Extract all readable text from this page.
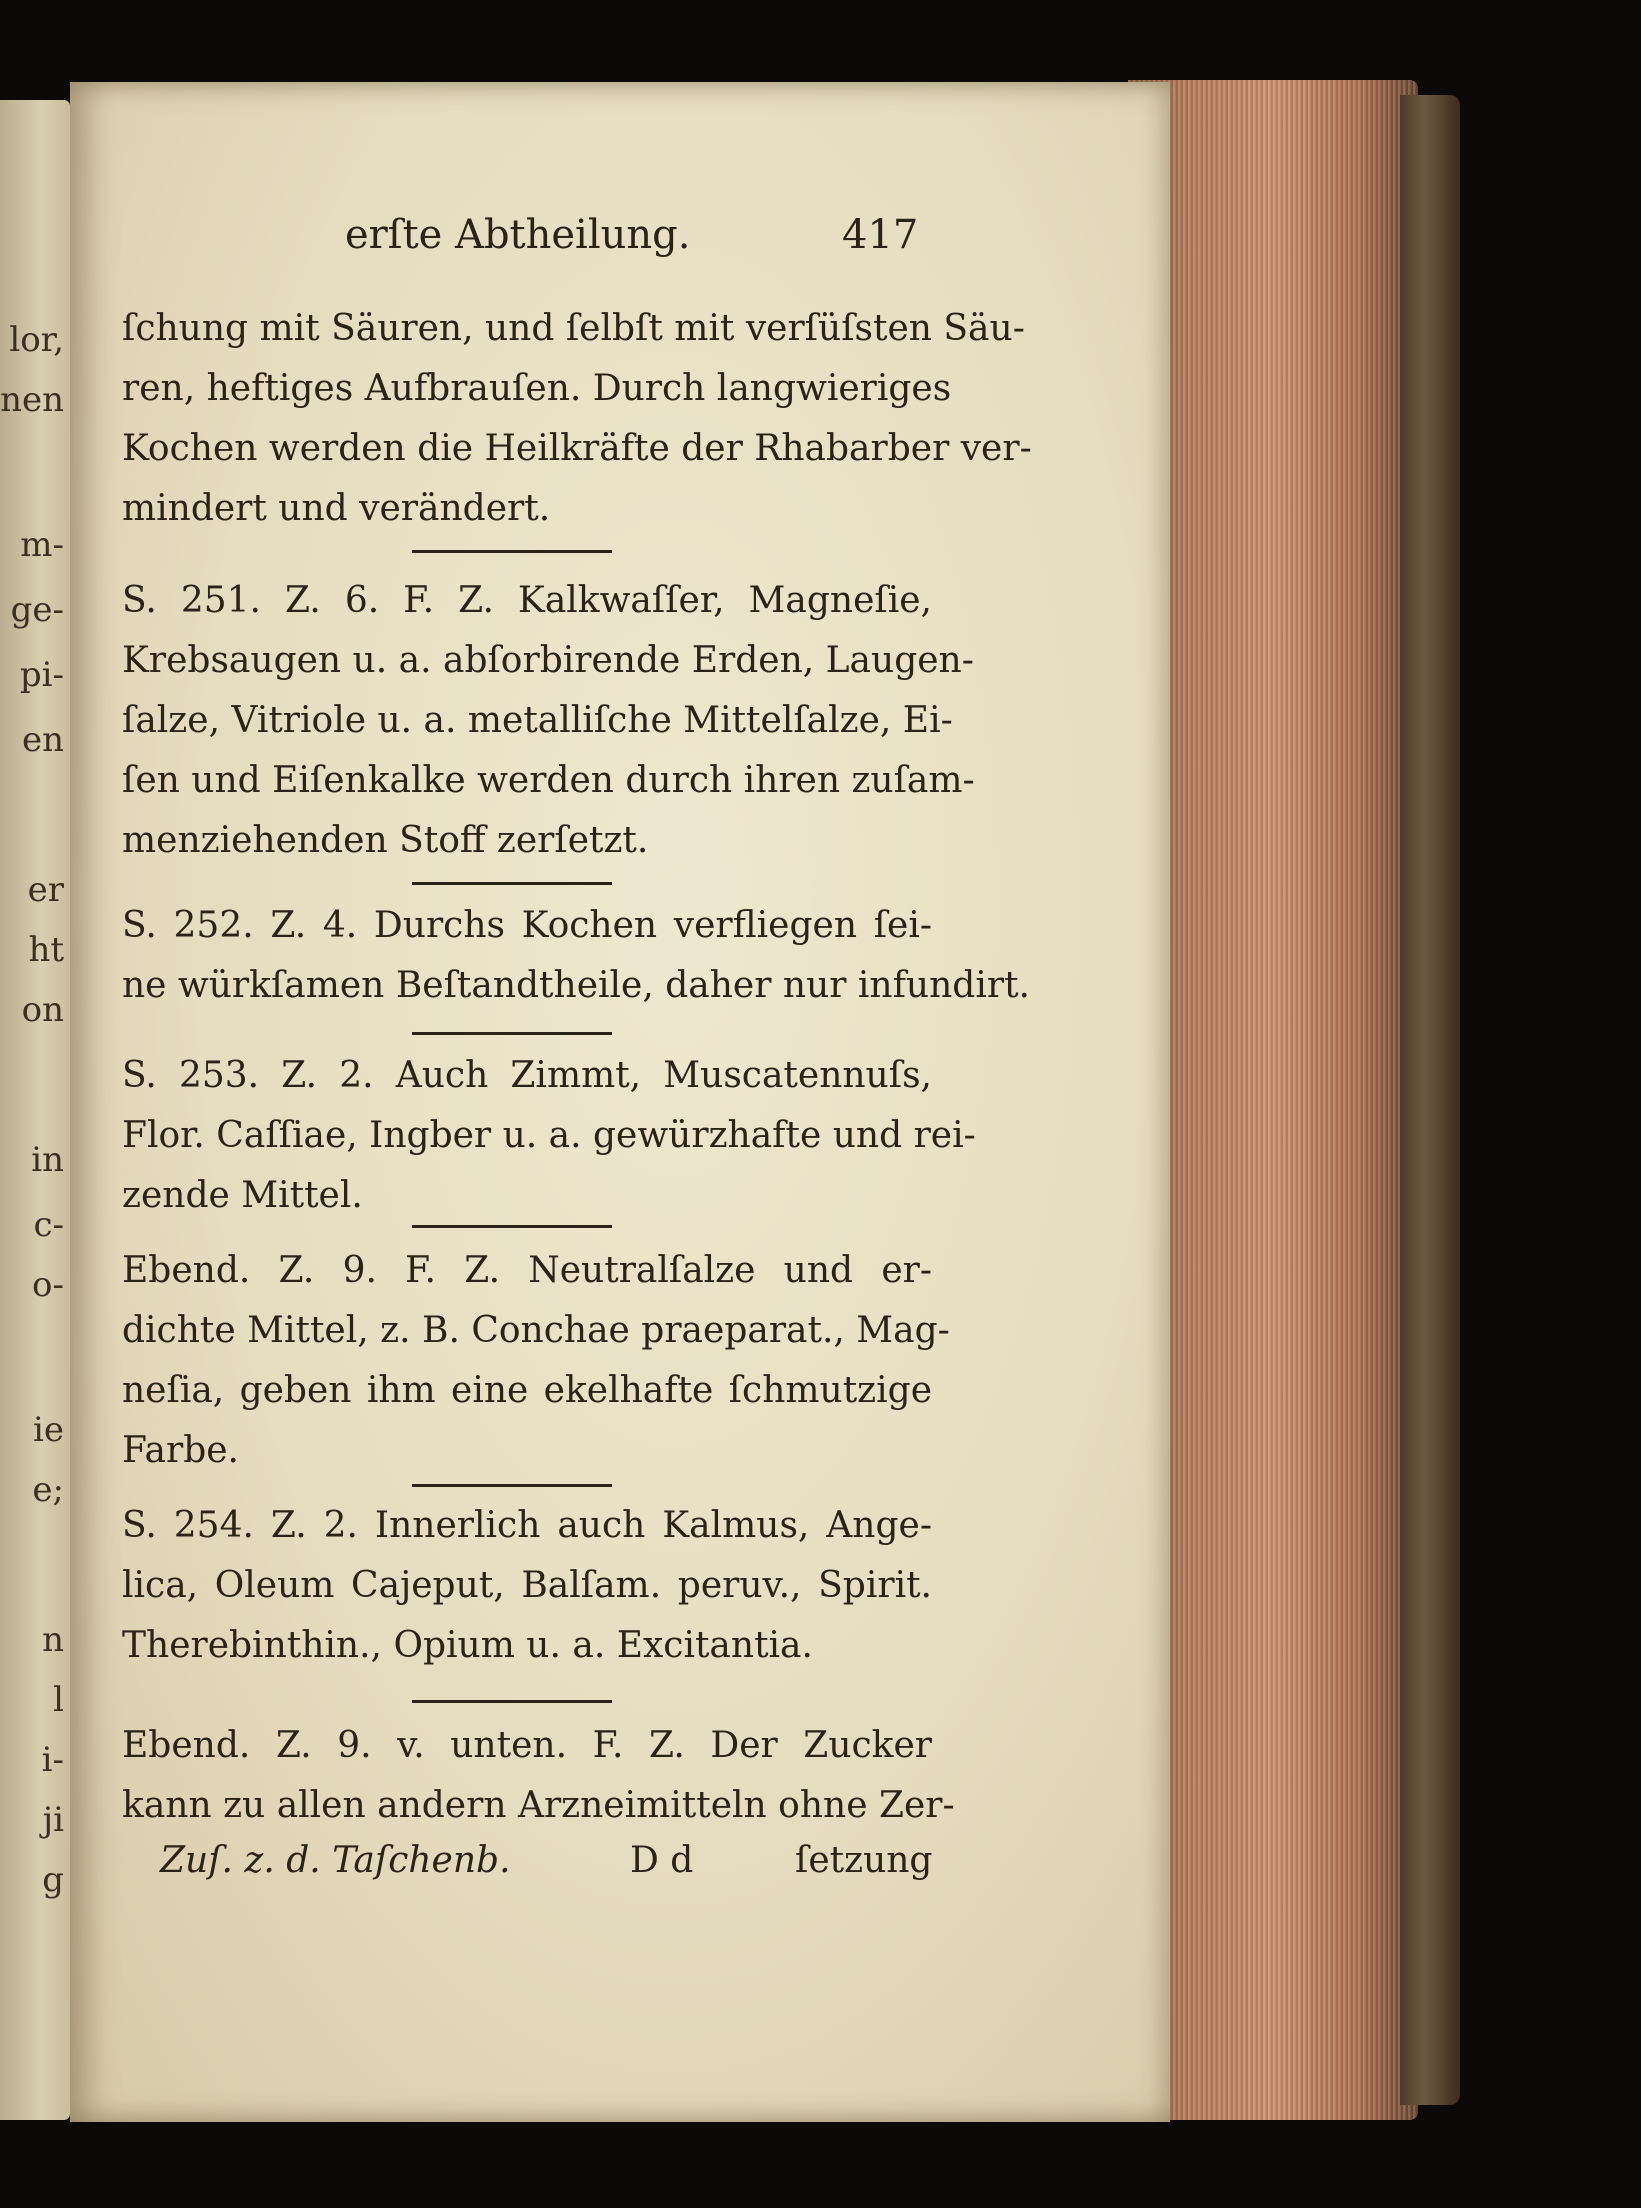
lor,
nen
m-
ge-
pi-
en
er
ht
on
in
c-
o-
ie
e;
n
l
i-
ji
g
erſte Abtheilung.	417
ſchung mit Säuren, und ſelbſt mit verſüſsten Säu-
ren, heftiges Aufbrauſen. Durch langwieriges
Kochen werden die Heilkräfte der Rhabarber ver-
mindert und verändert.
S. 251. Z. 6. F. Z. Kalkwaſſer, Magneſie,
Krebsaugen u. a. abſorbirende Erden, Laugen-
ſalze, Vitriole u. a. metalliſche Mittelſalze, Ei-
ſen und Eiſenkalke werden durch ihren zuſam-
menziehenden Stoff zerſetzt.
S. 252. Z. 4. Durchs Kochen verfliegen ſei-
ne würkſamen Beſtandtheile, daher nur infundirt.
S. 253. Z. 2. Auch Zimmt, Muscatennuſs,
Flor. Caſſiae, Ingber u. a. gewürzhafte und rei-
zende Mittel.
Ebend. Z. 9. F. Z. Neutralſalze und er-
dichte Mittel, z. B. Conchae praeparat., Mag-
neſia, geben ihm eine ekelhafte ſchmutzige
Farbe.
S. 254. Z. 2. Innerlich auch Kalmus, Ange-
lica, Oleum Cajeput, Balſam. peruv., Spirit.
Therebinthin., Opium u. a. Excitantia.
Ebend. Z. 9. v. unten. F. Z. Der Zucker
kann zu allen andern Arzneimitteln ohne Zer-
Zuſ. z. d. Taſchenb.	D d	ſetzung
